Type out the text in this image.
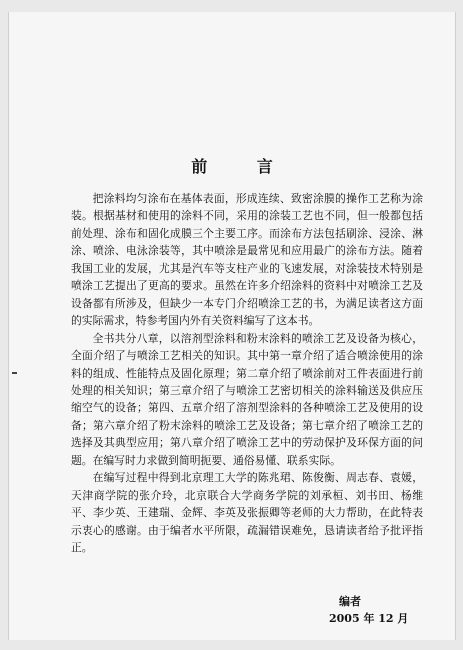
前 言

把涂料均匀涂布在基体表面，形成连续、致密涂膜的操作工艺称为涂装。根据基材和使用的涂料不同，采用的涂装工艺也不同，但一般都包括前处理、涂布和固化成膜三个主要工序。而涂布方法包括刷涂、浸涂、淋涂、喷涂、电泳涂装等，其中喷涂是最常见和应用最广的涂布方法。随着我国工业的发展，尤其是汽车等支柱产业的飞速发展，对涂装技术特别是喷涂工艺提出了更高的要求。虽然在许多介绍涂料的资料中对喷涂工艺及设备都有所涉及，但缺少一本专门介绍喷涂工艺的书，为满足读者这方面的实际需求，特参考国内外有关资料编写了这本书。

全书共分八章，以溶剂型涂料和粉末涂料的喷涂工艺及设备为核心，全面介绍了与喷涂工艺相关的知识。其中第一章介绍了适合喷涂使用的涂料的组成、性能特点及固化原理；第二章介绍了喷涂前对工件表面进行前处理的相关知识；第三章介绍了与喷涂工艺密切相关的涂料输送及供应压缩空气的设备；第四、五章介绍了溶剂型涂料的各种喷涂工艺及使用的设备；第六章介绍了粉末涂料的喷涂工艺及设备；第七章介绍了喷涂工艺的选择及其典型应用；第八章介绍了喷涂工艺中的劳动保护及环保方面的问题。在编写时力求做到简明扼要、通俗易懂、联系实际。

在编写过程中得到北京理工大学的陈兆珺、陈俊衡、周志春、袁媛，天津商学院的张介玲，北京联合大学商务学院的刘承桓、刘书田、杨维平、李少英、王建瑞、金辉、李英及张振卿等老师的大力帮助，在此特表示衷心的感谢。由于编者水平所限，疏漏错误难免，恳请读者给予批评指正。

编者
2005 年 12 月
